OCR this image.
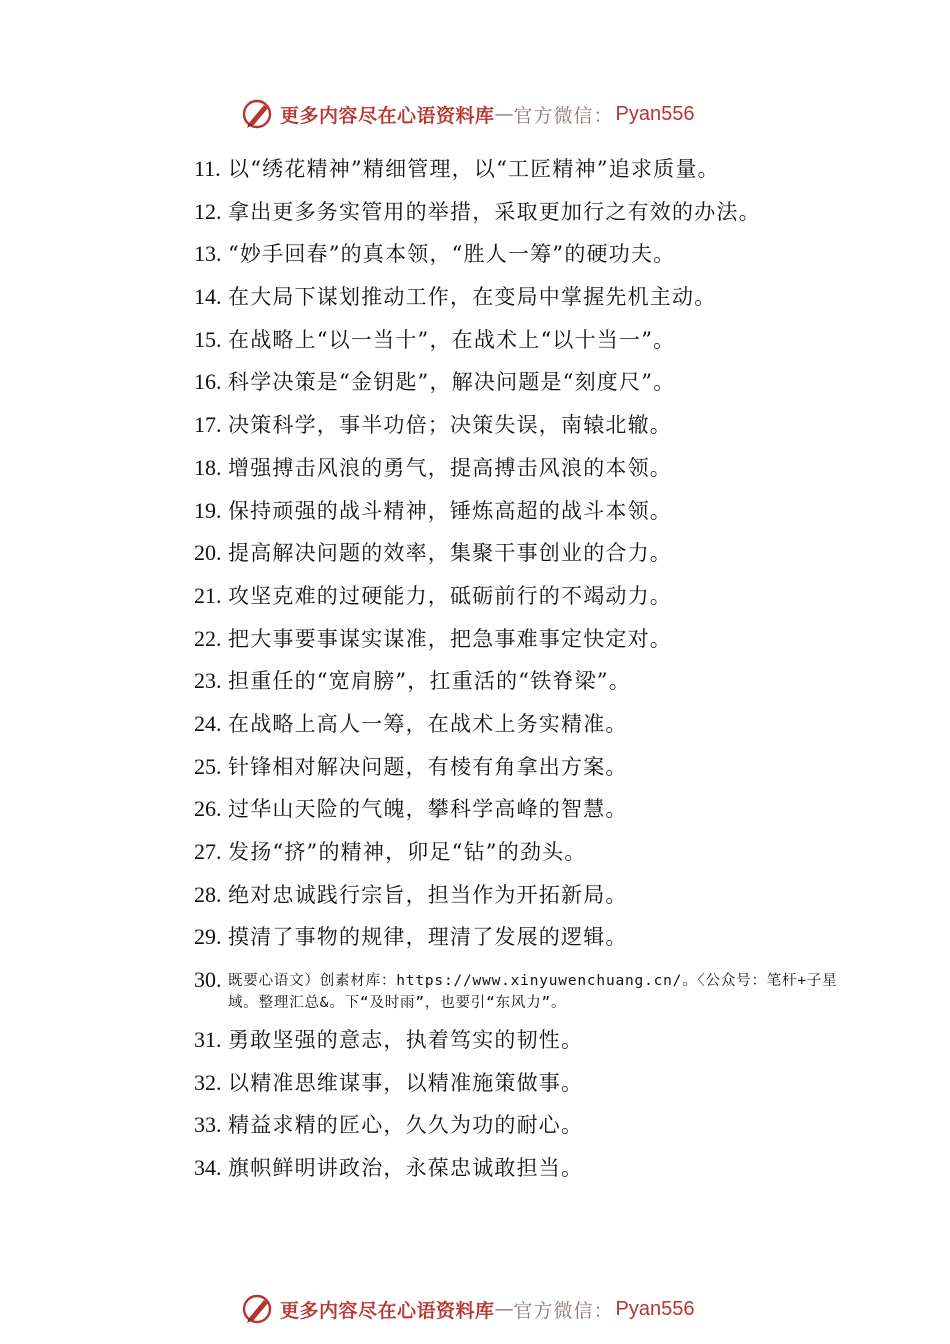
更多内容尽在心语资料库 — 官方微信： Pyan556
11. 以“绣花精神”精细管理，以“工匠精神”追求质量。
12. 拿出更多务实管用的举措，采取更加行之有效的办法。
13. “妙手回春”的真本领，“胜人一筹”的硬功夫。
14. 在大局下谋划推动工作，在变局中掌握先机主动。
15. 在战略上“以一当十”，在战术上“以十当一”。
16. 科学决策是“金钥匙”，解决问题是“刻度尺”。
17. 决策科学，事半功倍；决策失误，南辕北辙。
18. 增强搏击风浪的勇气，提高搏击风浪的本领。
19. 保持顽强的战斗精神，锤炼高超的战斗本领。
20. 提高解决问题的效率，集聚干事创业的合力。
21. 攻坚克难的过硬能力，砥砺前行的不竭动力。
22. 把大事要事谋实谋准，把急事难事定快定对。
23. 担重任的“宽肩膀”，扛重活的“铁脊梁”。
24. 在战略上高人一筹，在战术上务实精准。
25. 针锋相对解决问题，有棱有角拿出方案。
26. 过华山天险的气魄，攀科学高峰的智慧。
27. 发扬“挤”的精神，卯足“钻”的劲头。
28. 绝对忠诚践行宗旨，担当作为开拓新局。
29. 摸清了事物的规律，理清了发展的逻辑。
30. 既要心语文）创素材库：https://www.xinyuwenchuang.cn/。〈公众号：笔杆+子星域。整理汇总&。下“及时雨”，也要引“东风力”。
31. 勇敢坚强的意志，执着笃实的韧性。
32. 以精准思维谋事，以精准施策做事。
33. 精益求精的匠心，久久为功的耐心。
34. 旗帜鲜明讲政治，永葆忠诚敢担当。
更多内容尽在心语资料库 — 官方微信： Pyan556
